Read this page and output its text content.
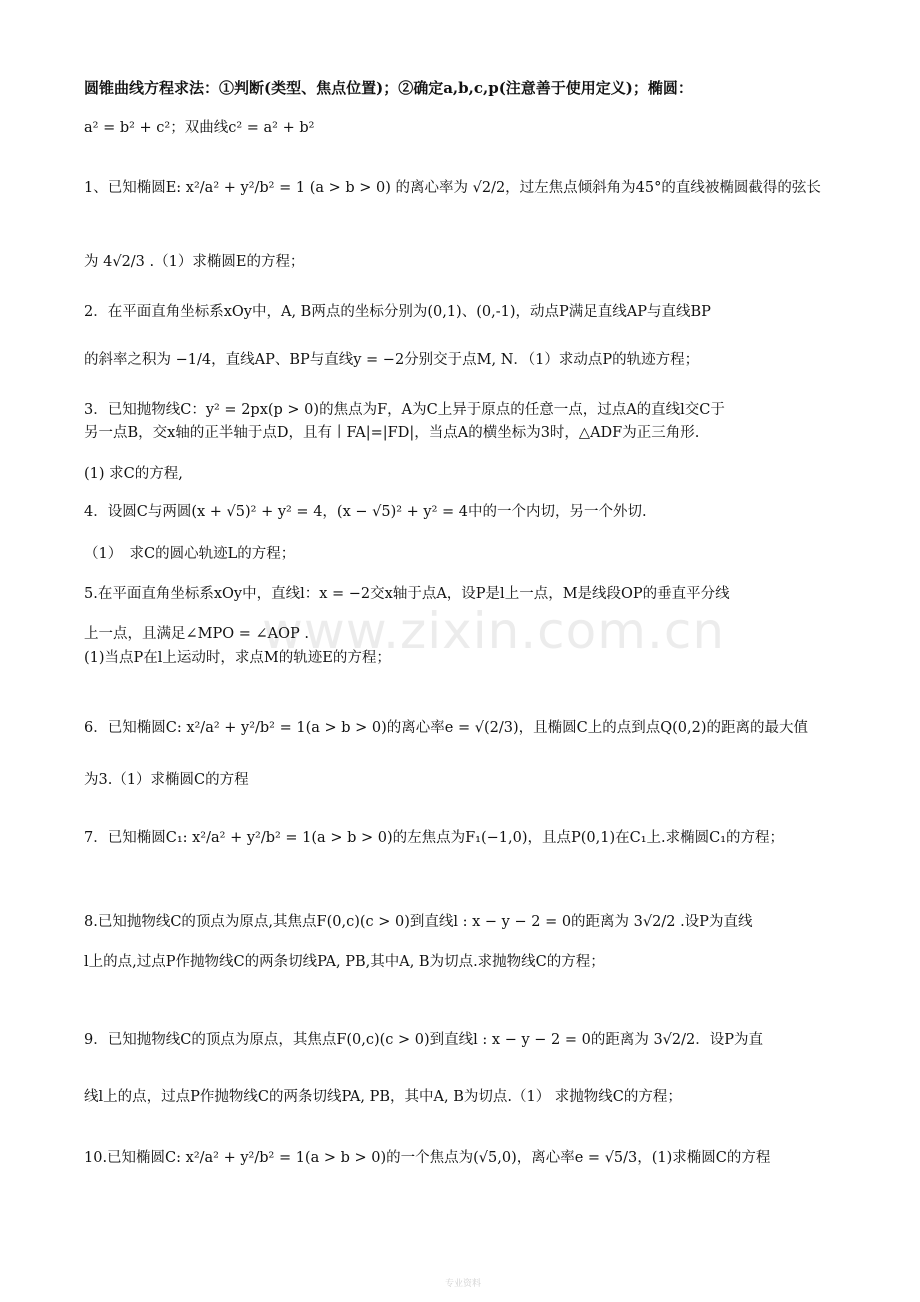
www.zixin.com.cn
圆锥曲线方程求法：①判断(类型、焦点位置)；②确定a,b,c,p(注意善于使用定义)；椭圆：
a² = b² + c²；双曲线c² = a² + b²
1、已知椭圆E: x²/a² + y²/b² = 1 (a > b > 0) 的离心率为 √2/2，过左焦点倾斜角为45°的直线被椭圆截得的弦长
为 4√2/3 .（1）求椭圆E的方程；
2．在平面直角坐标系xOy中，A, B两点的坐标分别为(0,1)、(0,‑1)，动点P满足直线AP与直线BP
的斜率之积为 −1/4，直线AP、BP与直线y = −2分别交于点M, N．（1）求动点P的轨迹方程；
3．已知抛物线C：y² = 2px(p > 0)的焦点为F，A为C上异于原点的任意一点，过点A的直线l交C于
另一点B，交x轴的正半轴于点D，且有丨FA|=|FD|，当点A的横坐标为3时，△ADF为正三角形.
(1) 求C的方程,
4．设圆C与两圆(x + √5)² + y² = 4，(x − √5)² + y² = 4中的一个内切，另一个外切.
（1）　求C的圆心轨迹L的方程；
5.在平面直角坐标系xOy中，直线l：x = −2交x轴于点A，设P是l上一点，M是线段OP的垂直平分线
上一点，且满足∠MPO = ∠AOP .
(1)当点P在l上运动时，求点M的轨迹E的方程；
6．已知椭圆C: x²/a² + y²/b² = 1(a > b > 0)的离心率e = √(2/3)，且椭圆C上的点到点Q(0,2)的距离的最大值
为3.（1）求椭圆C的方程
7．已知椭圆C₁: x²/a² + y²/b² = 1(a > b > 0)的左焦点为F₁(−1,0)，且点P(0,1)在C₁上.求椭圆C₁的方程；
8.已知抛物线C的顶点为原点,其焦点F(0,c)(c > 0)到直线l : x − y − 2 = 0的距离为 3√2/2 .设P为直线
l上的点,过点P作抛物线C的两条切线PA, PB,其中A, B为切点.求抛物线C的方程；
9．已知抛物线C的顶点为原点，其焦点F(0,c)(c > 0)到直线l : x − y − 2 = 0的距离为 3√2/2．设P为直
线l上的点，过点P作抛物线C的两条切线PA, PB，其中A, B为切点.（1） 求抛物线C的方程；
10.已知椭圆C: x²/a² + y²/b² = 1(a > b > 0)的一个焦点为(√5,0)，离心率e = √5/3，(1)求椭圆C的方程
专业资料
